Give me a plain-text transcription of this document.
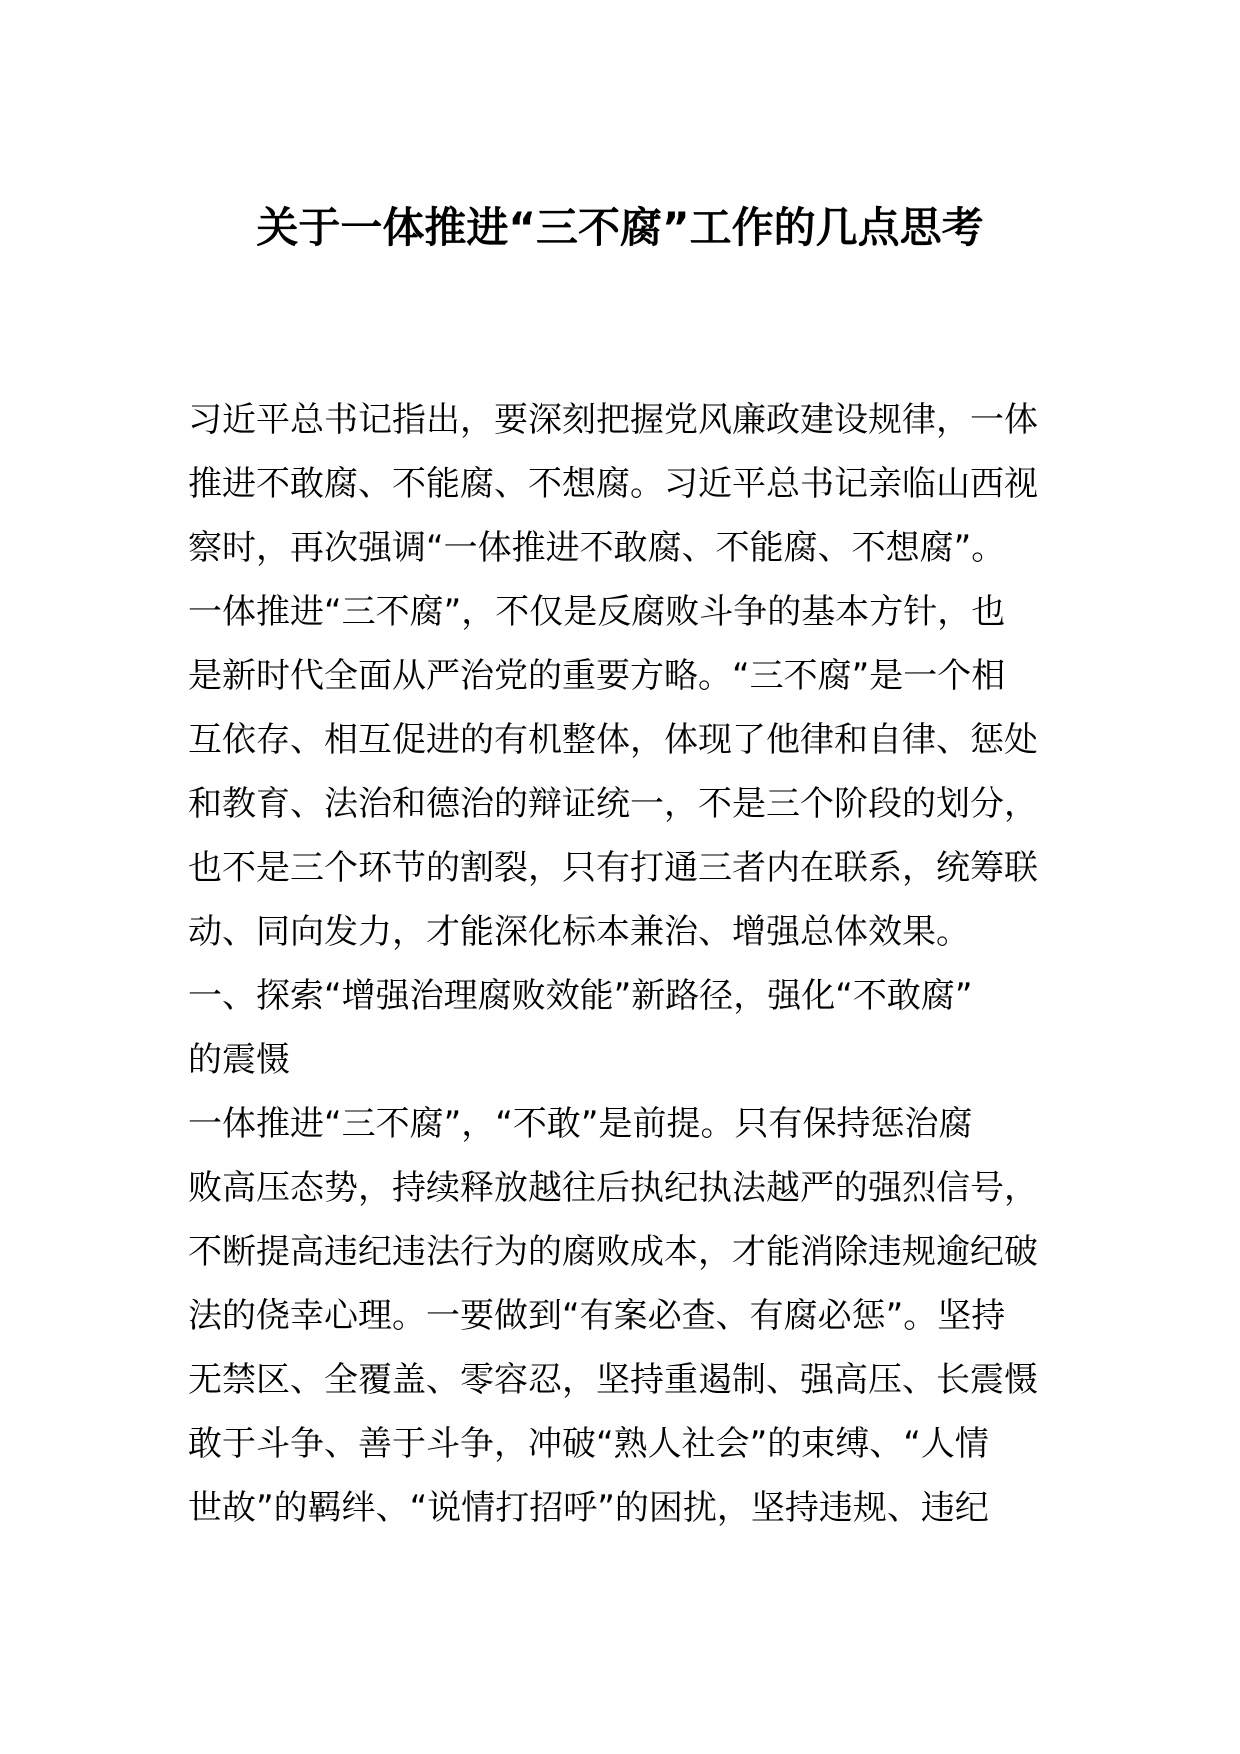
关于一体推进“三不腐”工作的几点思考
习近平总书记指出，要深刻把握党风廉政建设规律，一体
推进不敢腐、不能腐、不想腐。习近平总书记亲临山西视
察时，再次强调“一体推进不敢腐、不能腐、不想腐”。
一体推进“三不腐”，不仅是反腐败斗争的基本方针，也
是新时代全面从严治党的重要方略。“三不腐”是一个相
互依存、相互促进的有机整体，体现了他律和自律、惩处
和教育、法治和德治的辩证统一，不是三个阶段的划分，
也不是三个环节的割裂，只有打通三者内在联系，统筹联
动、同向发力，才能深化标本兼治、增强总体效果。
一、探索“增强治理腐败效能”新路径，强化“不敢腐”
的震慑
一体推进“三不腐”，“不敢”是前提。只有保持惩治腐
败高压态势，持续释放越往后执纪执法越严的强烈信号，
不断提高违纪违法行为的腐败成本，才能消除违规逾纪破
法的侥幸心理。一要做到“有案必查、有腐必惩”。坚持
无禁区、全覆盖、零容忍，坚持重遏制、强高压、长震慑
敢于斗争、善于斗争，冲破“熟人社会”的束缚、“人情
世故”的羁绊、“说情打招呼”的困扰，坚持违规、违纪
